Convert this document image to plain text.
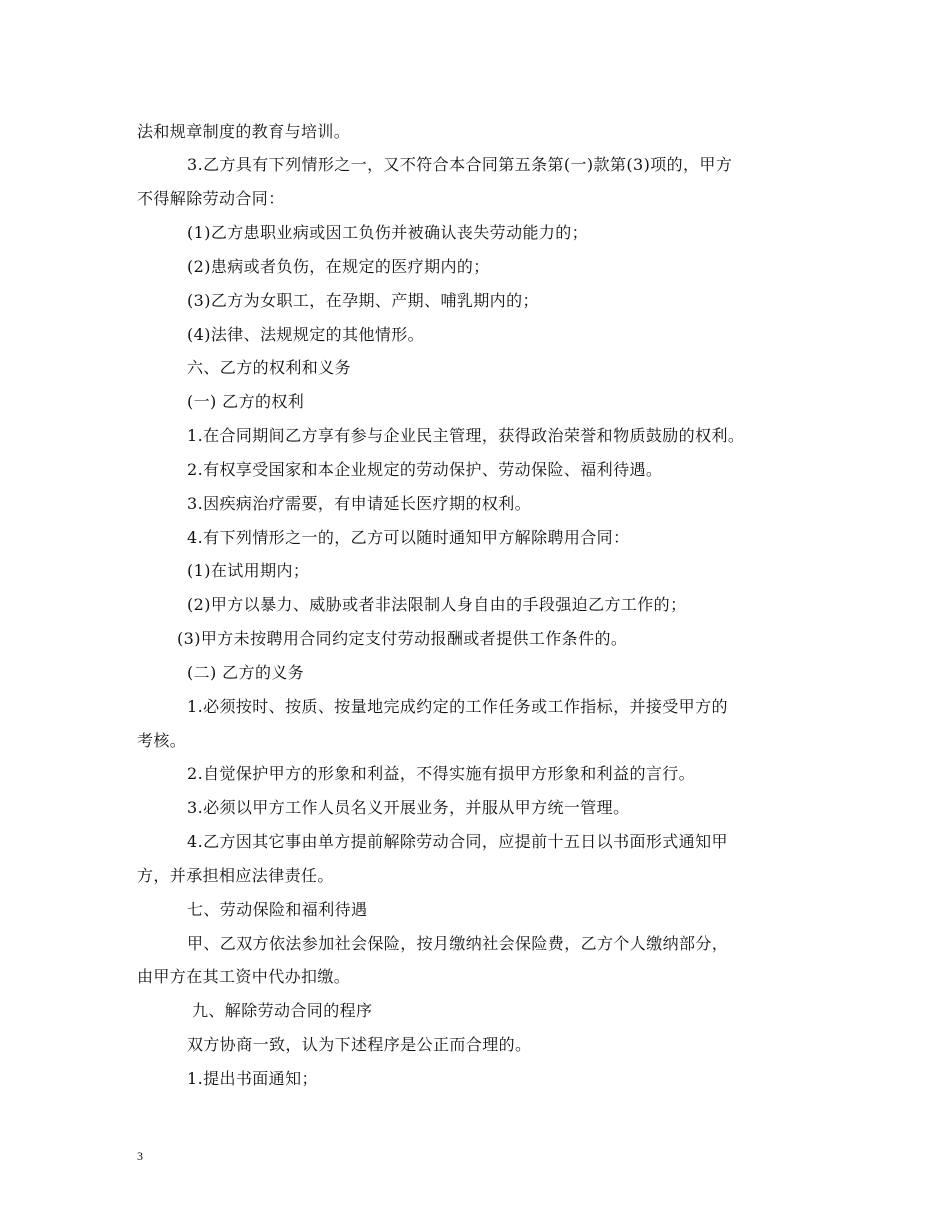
法和规章制度的教育与培训。
3.乙方具有下列情形之一，又不符合本合同第五条第(一)款第(3)项的，甲方
不得解除劳动合同：
(1)乙方患职业病或因工负伤并被确认丧失劳动能力的；
(2)患病或者负伤，在规定的医疗期内的；
(3)乙方为女职工，在孕期、产期、哺乳期内的；
(4)法律、法规规定的其他情形。
六、乙方的权利和义务
(一) 乙方的权利
1.在合同期间乙方享有参与企业民主管理，获得政治荣誉和物质鼓励的权利。
2.有权享受国家和本企业规定的劳动保护、劳动保险、福利待遇。
3.因疾病治疗需要，有申请延长医疗期的权利。
4.有下列情形之一的，乙方可以随时通知甲方解除聘用合同：
(1)在试用期内；
(2)甲方以暴力、威胁或者非法限制人身自由的手段强迫乙方工作的；
(3)甲方未按聘用合同约定支付劳动报酬或者提供工作条件的。
(二) 乙方的义务
1.必须按时、按质、按量地完成约定的工作任务或工作指标，并接受甲方的
考核。
2.自觉保护甲方的形象和利益，不得实施有损甲方形象和利益的言行。
3.必须以甲方工作人员名义开展业务，并服从甲方统一管理。
4.乙方因其它事由单方提前解除劳动合同，应提前十五日以书面形式通知甲
方，并承担相应法律责任。
七、劳动保险和福利待遇
甲、乙双方依法参加社会保险，按月缴纳社会保险费，乙方个人缴纳部分，
由甲方在其工资中代办扣缴。
九、解除劳动合同的程序
双方协商一致，认为下述程序是公正而合理的。
1.提出书面通知；
3
